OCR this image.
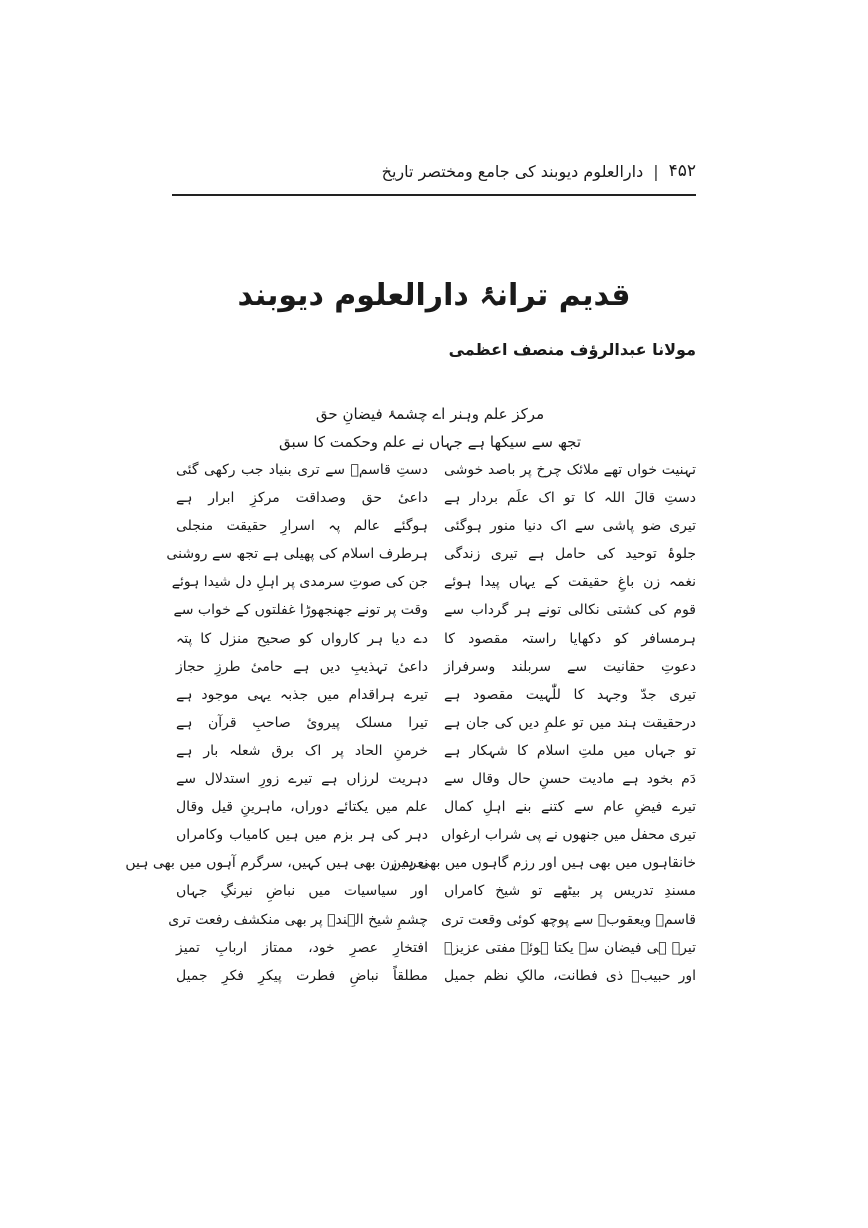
۴۵۲
|
دارالعلوم دیوبند کی جامع ومختصر تاریخ
قدیم ترانۂ دارالعلوم دیوبند
مولانا عبدالرؤف منصف اعظمی
مرکز علم وہنر اے چشمۂ فیضانِ حق
تجھ سے سیکھا ہے جہاں نے علم وحکمت کا سبق
تہنیت خواں تھے ملائک چرخ پر باصد خوشی
دستِ قالَ اللہ کا تو اک علَم بردار ہے
تیری ضو پاشی سے اک دنیا منور ہوگئی
جلوۂ توحید کی حامل ہے تیری زندگی
نغمہ زن باغِ حقیقت کے یہاں پیدا ہوئے
قوم کی کشتی نکالی تونے ہر گرداب سے
ہرمسافر کو دکھایا راستہ مقصود کا
دعوتِ حقانیت سے سربلند وسرفراز
تیری جدّ وجہد کا للّٰہیت مقصود ہے
درحقیقت ہند میں تو علمِ دیں کی جان ہے
تو جہاں میں ملتِ اسلام کا شہکار ہے
دَم بخود ہے مادیت حسنِ حال وقال سے
تیرے فیضِ عام سے کتنے بنے اہلِ کمال
تیری محفل میں جنھوں نے پی شراب ارغواں
خانقاہوں میں بھی ہیں اور رزم گاہوں میں بھی ہیں
مسندِ تدریس پر بیٹھے تو شیخ کامراں
قاسمؒ ویعقوبؒ سے پوچھ کوئی وقعت تری
تیرے ہی فیضان سے یکتا ہوئے مفتی عزیزؒ
اور حبیبؒ ذی فطانت، مالکِ نظم جمیل
دستِ قاسمؒ سے تری بنیاد جب رکھی گئی
داعیٔ حق وصداقت مرکزِ ابرار ہے
ہوگئے عالم پہ اسرارِ حقیقت منجلی
ہرطرف اسلام کی پھیلی ہے تجھ سے روشنی
جن کی صوتِ سرمدی پر اہلِ دل شیدا ہوئے
وقت پر تونے جھنجھوڑا غفلتوں کے خواب سے
دے دیا ہر کارواں کو صحیح منزل کا پتہ
داعیٔ تہذیبِ دیں ہے حامیٔ طرزِ حجاز
تیرے ہراقدام میں جذبہ یہی موجود ہے
تیرا مسلک پیرویٔ صاحبِ قرآن ہے
خرمنِ الحاد پر اک برق شعلہ بار ہے
دہریت لرزاں ہے تیرے زورِ استدلال سے
علم میں یکتائے دوراں، ماہرینِ قیل وقال
دہر کی ہر بزم میں ہیں کامیاب وکامراں
نعرہ زن بھی ہیں کہیں، سرگرم آہوں میں بھی ہیں
اور سیاسیات میں نباضِ نیرنگِ جہاں
چشمِ شیخ الہندؒ پر بھی منکشف رفعت تری
افتخارِ عصرِ خود، ممتاز اربابِ تمیز
مطلقاً نباضِ فطرت پیکرِ فکرِ جمیل
